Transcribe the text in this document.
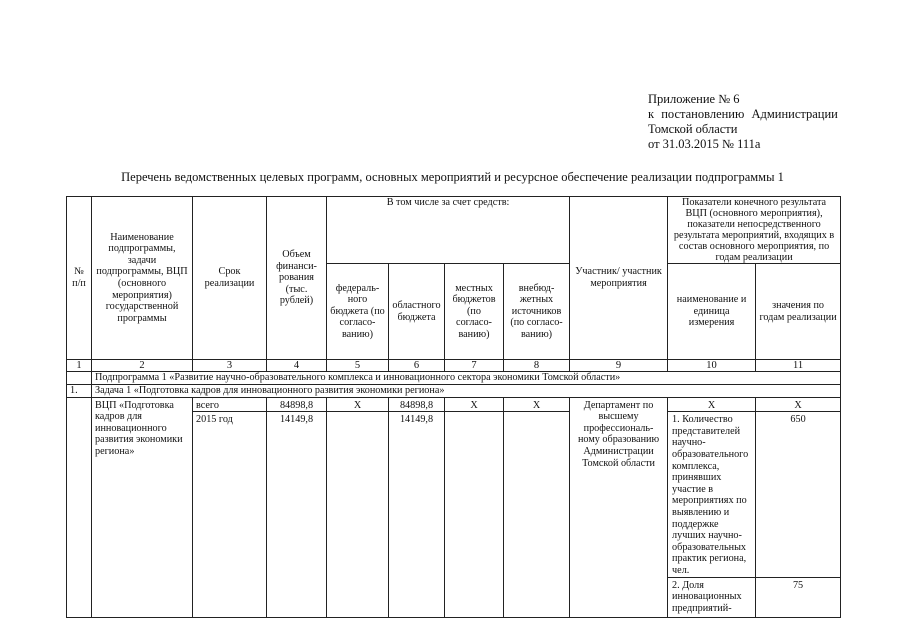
Приложение № 6
к постановлению Администрации
Томской области
от 31.03.2015 № 111а
Перечень ведомственных целевых программ, основных мероприятий и ресурсное обеспечение реализации подпрограммы 1
№ п/п	Наименование подпрограммы, задачи подпрограммы, ВЦП (основного мероприятия) государственной программы	Срок реализации	Объем финанси-рования (тыс. рублей)	В том числе за счет средств:				Участник/ участник мероприятия	Показатели конечного результата ВЦП (основного мероприятия), показатели непосредственного результата мероприятий, входящих в состав основного мероприятия, по годам реализации	
				федераль-ного бюджета (по согласо-ванию)	областного бюджета	местных бюджетов (по согласо-ванию)	внебюд-жетных источников (по согласо-ванию)		наименование и единица измерения	значения по годам реализации
1	2	3	4	5	6	7	8	9	10	11
	Подпрограмма 1 «Развитие научно-образовательного комплекса и инновационного сектора экономики Томской области»									
1.	Задача 1 «Подготовка кадров для инновационного развития экономики региона»									
	ВЦП «Подготовка кадров для инновационного развития экономики региона»	всего	84898,8	Х	84898,8	Х	Х	Департамент по высшему профессиональ-ному образованию Администрации Томской области	Х	Х
		2015 год	14149,8		14149,8				1. Количество представителей научно-образовательного комплекса, принявших участие в мероприятиях по выявлению и поддержке лучших научно-образовательных практик региона, чел.	650
									2. Доля инновационных предприятий-	75
